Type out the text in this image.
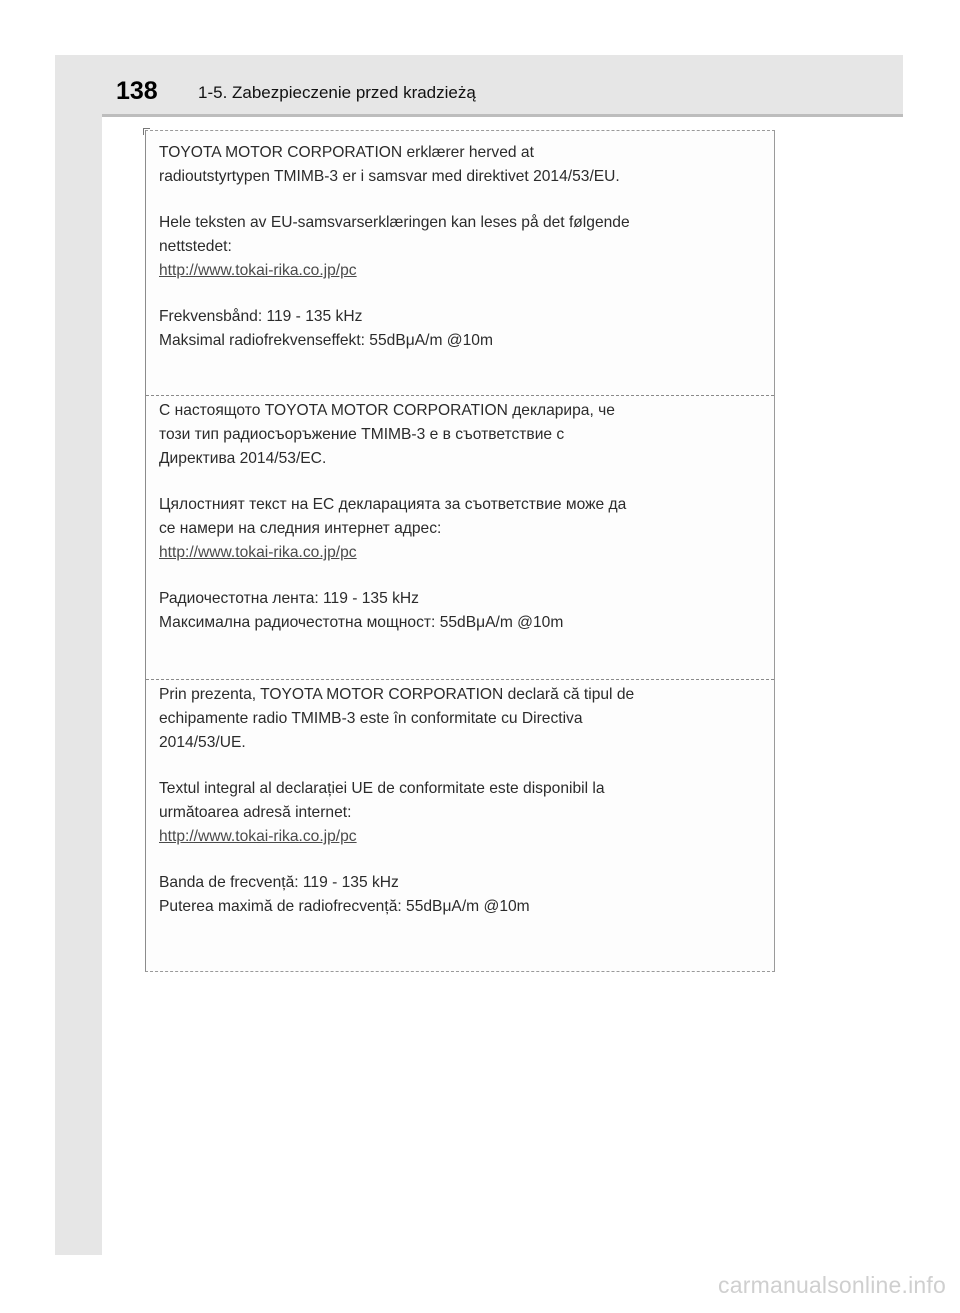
138 1-5. Zabezpieczenie przed kradzieżą

TOYOTA MOTOR CORPORATION erklærer herved at

radioutstyrtypen TMIMB-3 er i samsvar med direktivet 2014/53/EU.

Hele teksten av EU-samsvarserklæringen kan leses på det følgende

nettstedet:

http://www.tokai-rika.co.jp/pc

Frekvensbånd: 119 - 135 kHz

Maksimal radiofrekvenseffekt: 55dBμA/m @10m

С настоящото TOYOTA MOTOR CORPORATION декларира, че

този тип радиосъоръжение TMIMB-3 е в съответствие с

Директива 2014/53/ЕС.

Цялостният текст на ЕС декларацията за съответствие може да

се намери на следния интернет адрес:

http://www.tokai-rika.co.jp/pc

Радиочестотна лента: 119 - 135 kHz

Максимална радиочестотна мощност: 55dBμA/m @10m

Prin prezenta, TOYOTA MOTOR CORPORATION declară că tipul de

echipamente radio TMIMB-3 este în conformitate cu Directiva

2014/53/UE.

Textul integral al declarației UE de conformitate este disponibil la

următoarea adresă internet:

http://www.tokai-rika.co.jp/pc

Banda de frecvență: 119 - 135 kHz

Puterea maximă de radiofrecvență: 55dBμA/m @10m

carmanualsonline.info
